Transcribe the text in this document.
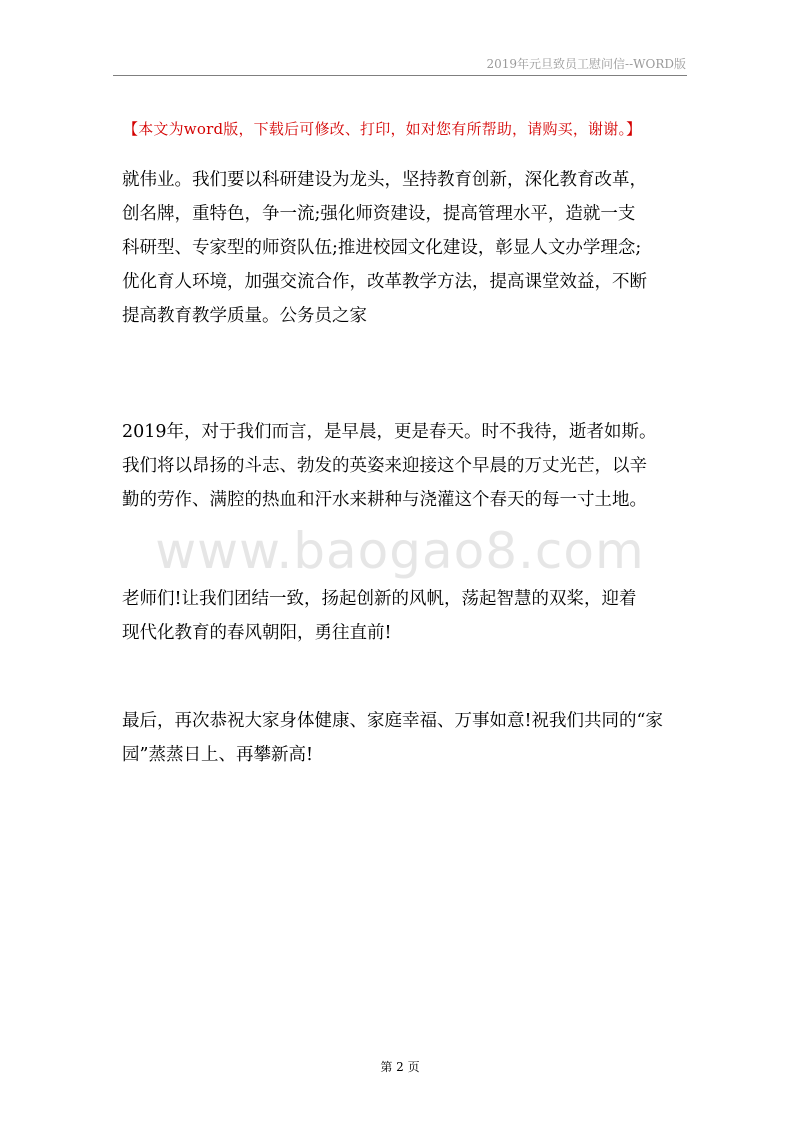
2019年元旦致员工慰问信--WORD版
【本文为word版，下载后可修改、打印，如对您有所帮助，请购买，谢谢。】
就伟业。我们要以科研建设为龙头，坚持教育创新，深化教育改革，
创名牌，重特色，争一流;强化师资建设，提高管理水平，造就一支
科研型、专家型的师资队伍;推进校园文化建设，彰显人文办学理念;
优化育人环境，加强交流合作，改革教学方法，提高课堂效益，不断
提高教育教学质量。公务员之家
2019年，对于我们而言，是早晨，更是春天。时不我待，逝者如斯。
我们将以昂扬的斗志、勃发的英姿来迎接这个早晨的万丈光芒，以辛
勤的劳作、满腔的热血和汗水来耕种与浇灌这个春天的每一寸土地。
www.baogao8.com
老师们!让我们团结一致，扬起创新的风帆，荡起智慧的双桨，迎着
现代化教育的春风朝阳，勇往直前!
最后，再次恭祝大家身体健康、家庭幸福、万事如意!祝我们共同的“家
园”蒸蒸日上、再攀新高!
第 2 页
